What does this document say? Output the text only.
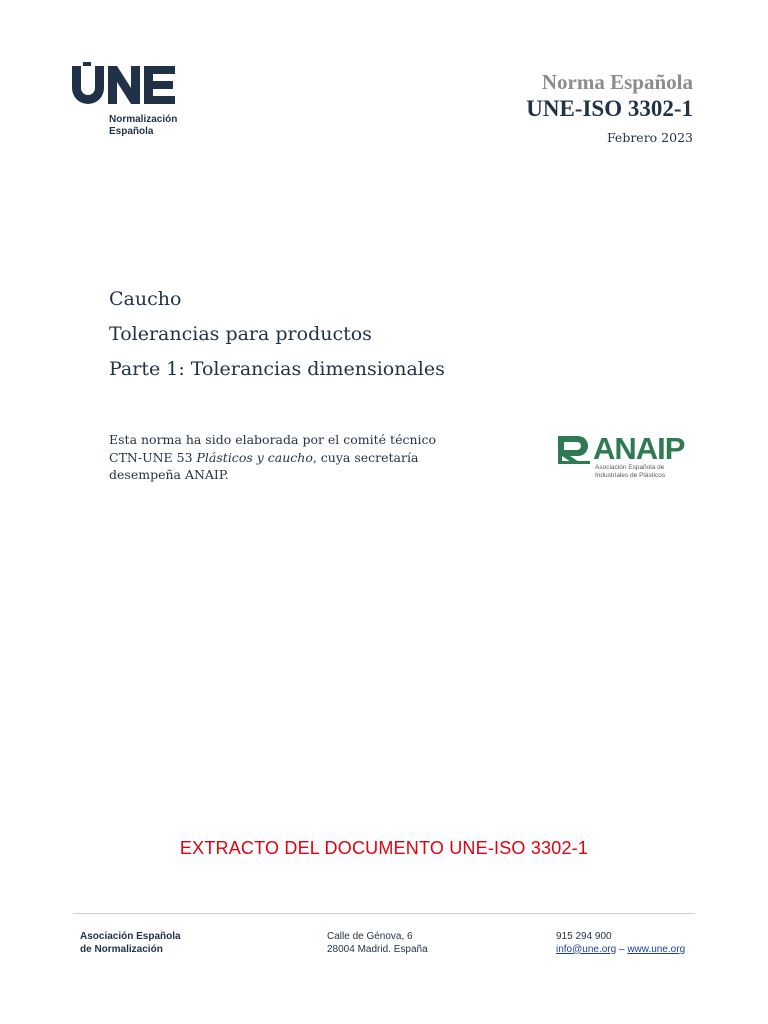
Normalización
Española
Norma Española
UNE-ISO 3302-1
Febrero 2023
Caucho
Tolerancias para productos
Parte 1: Tolerancias dimensionales
Esta norma ha sido elaborada por el comité técnico CTN-UNE 53 Plásticos y caucho, cuya secretaría desempeña ANAIP.
ANAIP
Asociación Española de
Industriales de Plásticos
EXTRACTO DEL DOCUMENTO UNE-ISO 3302-1
Asociación Española
de Normalización
Calle de Génova, 6
28004 Madrid. España
915 294 900
info@une.org – www.une.org
